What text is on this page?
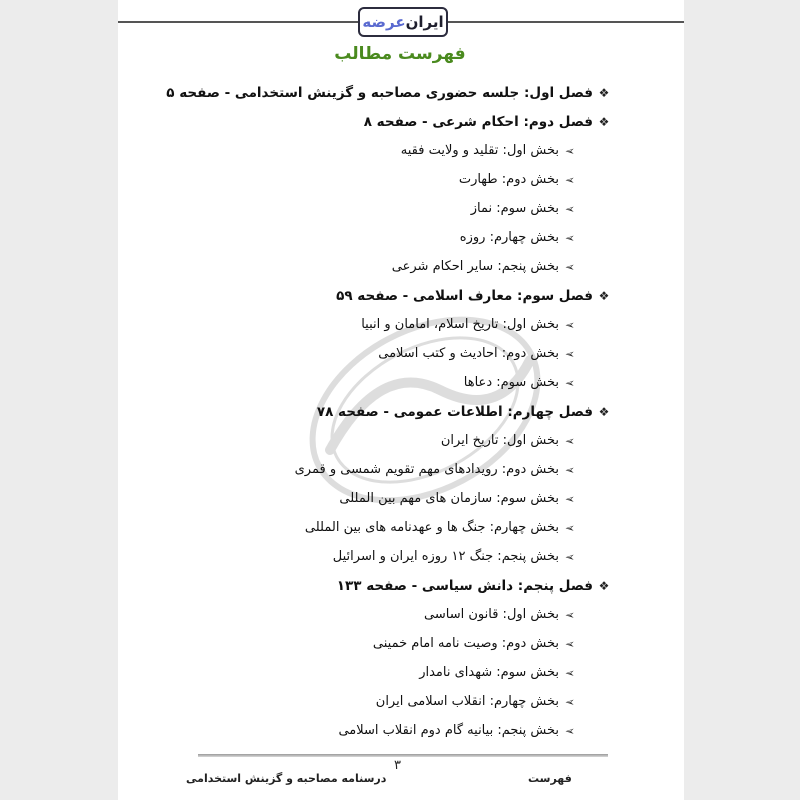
ایران
عرضه
فهرست مطالب
❖
فصل اول: جلسه حضوری مصاحبه و گزینش استخدامی - صفحه ۵
❖
فصل دوم: احکام شرعی - صفحه ۸
➢
بخش اول: تقلید و ولایت فقیه
➢
بخش دوم: طهارت
➢
بخش سوم: نماز
➢
بخش چهارم: روزه
➢
بخش پنجم: سایر احکام شرعی
❖
فصل سوم: معارف اسلامی - صفحه ۵۹
➢
بخش اول: تاریخ اسلام، امامان و انبیا
➢
بخش دوم: احادیث و کتب اسلامی
➢
بخش سوم: دعاها
❖
فصل چهارم: اطلاعات عمومی - صفحه ۷۸
➢
بخش اول: تاریخ ایران
➢
بخش دوم: رویدادهای مهم تقویم شمسی و قمری
➢
بخش سوم: سازمان های مهم بین المللی
➢
بخش چهارم: جنگ ها و عهدنامه های بین المللی
➢
بخش پنجم: جنگ ۱۲ روزه ایران و اسرائیل
❖
فصل پنجم: دانش سیاسی - صفحه ۱۳۳
➢
بخش اول: قانون اساسی
➢
بخش دوم: وصیت نامه امام خمینی
➢
بخش سوم: شهدای نامدار
➢
بخش چهارم: انقلاب اسلامی ایران
➢
بخش پنجم: بیانیه گام دوم انقلاب اسلامی
۳
درسنامه مصاحبه و گزینش استخدامی	فهرست
